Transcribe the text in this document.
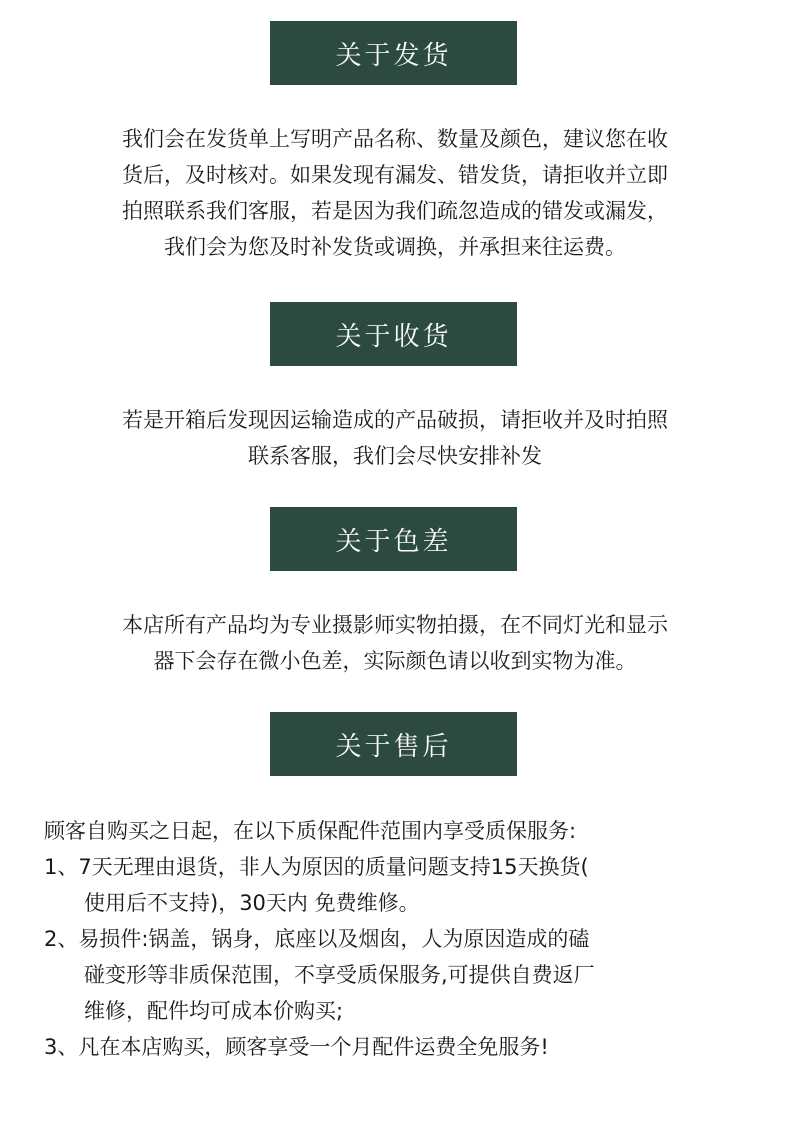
关于发货

我们会在发货单上写明产品名称、数量及颜色，建议您在收
货后，及时核对。如果发现有漏发、错发货，请拒收并立即
拍照联系我们客服，若是因为我们疏忽造成的错发或漏发，
我们会为您及时补发货或调换，并承担来往运费。

关于收货

若是开箱后发现因运输造成的产品破损，请拒收并及时拍照
联系客服，我们会尽快安排补发

关于色差

本店所有产品均为专业摄影师实物拍摄，在不同灯光和显示
器下会存在微小色差，实际颜色请以收到实物为准。

关于售后
顾客自购买之日起，在以下质保配件范围内享受质保服务:
1、7天无理由退货，非人为原因的质量问题支持15天换货(
使用后不支持)，30天内 免费维修。
2、易损件:锅盖，锅身，底座以及烟囱，人为原因造成的磕
碰变形等非质保范围，不享受质保服务,可提供自费返厂
维修，配件均可成本价购买;
3、凡在本店购买，顾客享受一个月配件运费全免服务!
